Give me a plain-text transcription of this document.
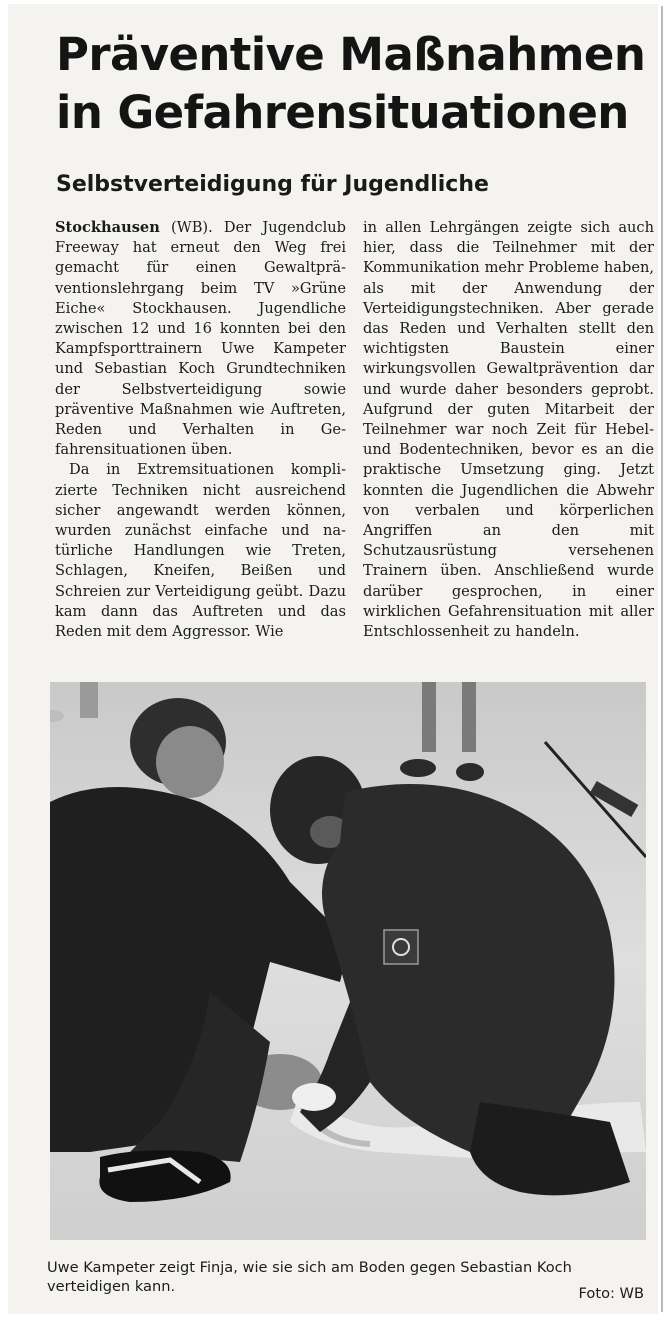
Präventive Maßnahmen
in Gefahrensituationen
Selbstverteidigung für Jugendliche

Stockhausen (WB). Der Jugendclub Freeway hat erneut den Weg frei gemacht für einen Gewaltpräventionslehrgang beim TV »Grüne Eiche« Stockhausen. Jugendliche zwischen 12 und 16 konnten bei den Kampfsporttrainern Uwe Kampeter und Sebastian Koch Grundtechniken der Selbstverteidigung sowie präventive Maßnahmen wie Auftreten, Reden und Verhalten in Gefahrensituationen üben.

Da in Extremsituationen komplizierte Techniken nicht ausreichend sicher angewandt werden können, wurden zunächst einfache und natürliche Handlungen wie Treten, Schlagen, Kneifen, Beißen und Schreien zur Verteidigung geübt. Dazu kam dann das Auftreten und das Reden mit dem Aggressor. Wie

in allen Lehrgängen zeigte sich auch hier, dass die Teilnehmer mit der Kommunikation mehr Probleme haben, als mit der Anwendung der Verteidigungstechniken. Aber gerade das Reden und Verhalten stellt den wichtigsten Baustein einer wirkungsvollen Gewaltprävention dar und wurde daher besonders geprobt. Aufgrund der guten Mitarbeit der Teilnehmer war noch Zeit für Hebel- und Bodentechniken, bevor es an die praktische Umsetzung ging. Jetzt konnten die Jugendlichen die Abwehr von verbalen und körperlichen Angriffen an den mit Schutzausrüstung versehenen Trainern üben. Anschließend wurde darüber gesprochen, in einer wirklichen Gefahrensituation mit aller Entschlossenheit zu handeln.

Uwe Kampeter zeigt Finja, wie sie sich am Boden gegen Sebastian Koch verteidigen kann.	Foto: WB
